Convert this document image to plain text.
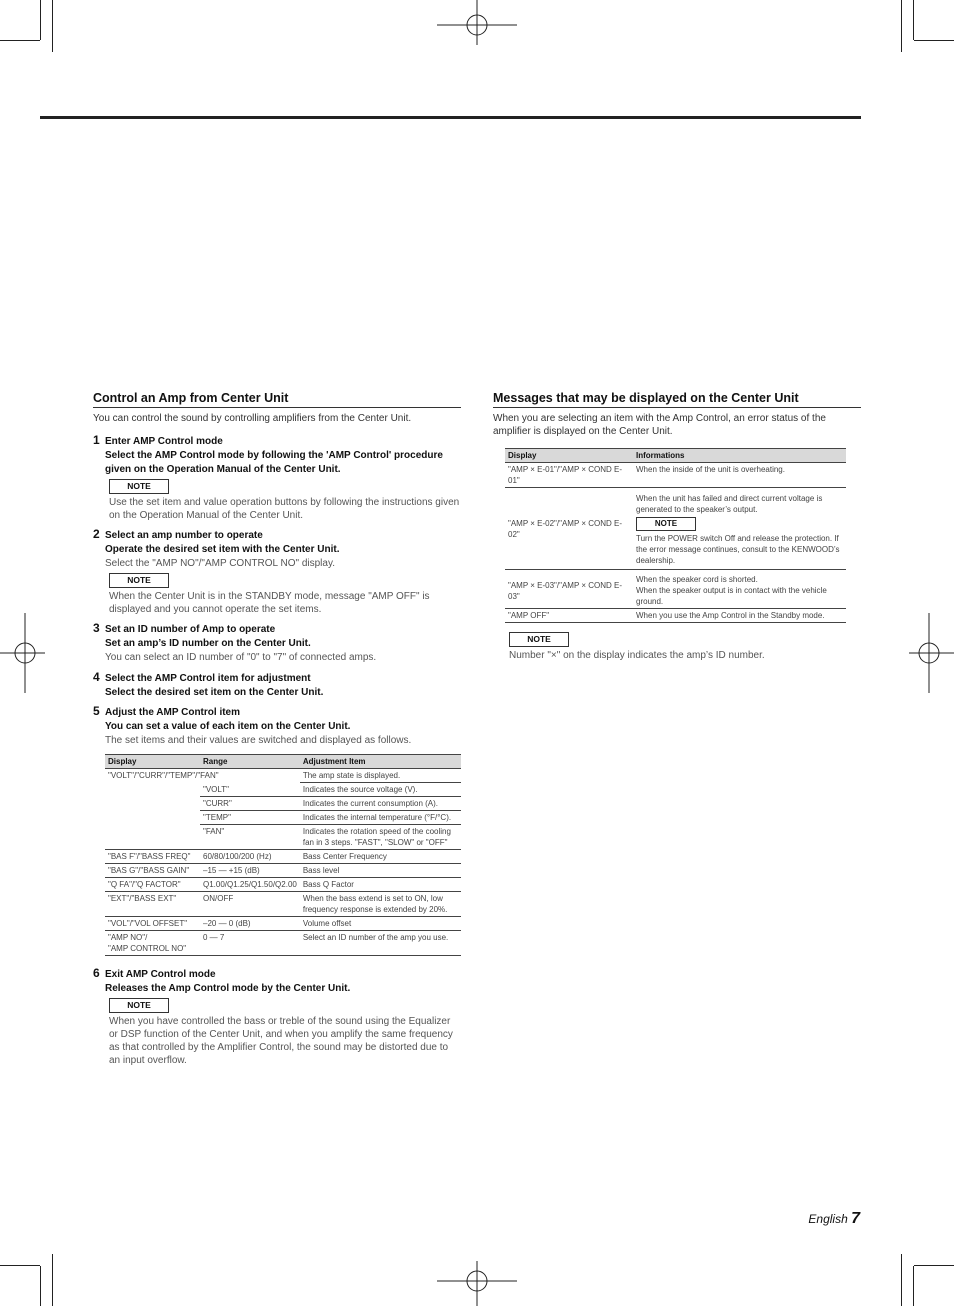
Control an Amp from Center Unit
You can control the sound by controlling amplifiers from the Center Unit.
1 Enter AMP Control mode
Select the AMP Control mode by following the 'AMP Control' procedure given on the Operation Manual of the Center Unit.
NOTE
Use the set item and value operation buttons by following the instructions given on the Operation Manual of the Center Unit.
2 Select an amp number to operate
Operate the desired set item with the Center Unit.
Select the "AMP NO"/"AMP CONTROL NO" display.
NOTE
When the Center Unit is in the STANDBY mode, message "AMP OFF" is displayed and you cannot operate the set items.
3 Set an ID number of Amp to operate
Set an amp’s ID number on the Center Unit.
You can select an ID number of "0" to "7" of connected amps.
4 Select the AMP Control item for adjustment
Select the desired set item on the Center Unit.
5 Adjust the AMP Control item
You can set a value of each item on the Center Unit.
The set items and their values are switched and displayed as follows.
Display	Range	Adjustment Item
"VOLT"/"CURR"/"TEMP"/"FAN"		The amp state is displayed.
	"VOLT"	Indicates the source voltage (V).
	"CURR"	Indicates the current consumption (A).
	"TEMP"	Indicates the internal temperature (°F/°C).
	"FAN"	Indicates the rotation speed of the cooling fan in 3 steps. "FAST", "SLOW" or "OFF"
"BAS F"/"BASS FREQ"	60/80/100/200 (Hz)	Bass Center Frequency
"BAS G"/"BASS GAIN"	–15 — +15 (dB)	Bass level
"Q FA"/"Q FACTOR"	Q1.00/Q1.25/Q1.50/Q2.00	Bass Q Factor
"EXT"/"BASS EXT"	ON/OFF	When the bass extend is set to ON, low frequency response is extended by 20%.
"VOL"/"VOL OFFSET"	–20 — 0 (dB)	Volume offset
"AMP NO"/
"AMP CONTROL NO"	0 — 7	Select an ID number of the amp you use.
6 Exit AMP Control mode
Releases the Amp Control mode by the Center Unit.
NOTE
When you have controlled the bass or treble of the sound using the Equalizer or DSP function of the Center Unit, and when you amplify the same frequency as that controlled by the Amplifier Control, the sound may be distorted due to an input overflow.
Messages that may be displayed on the Center Unit
When you are selecting an item with the Amp Control, an error status of the amplifier is displayed on the Center Unit.
Display	Informations
"AMP × E-01"/"AMP × COND E-01"	When the inside of the unit is overheating.
"AMP × E-02"/"AMP × COND E-02"	When the unit has failed and direct current voltage is generated to the speaker’s output.
NOTE
Turn the POWER switch Off and release the protection. If the error message continues, consult to the KENWOOD’s dealership.

"AMP × E-03"/"AMP × COND E-03"	When the speaker cord is shorted.
When the speaker output is in contact with the vehicle ground.

"AMP OFF"	When you use the Amp Control in the Standby mode.
NOTE
Number "×" on the display indicates the amp’s ID number.
English 7
